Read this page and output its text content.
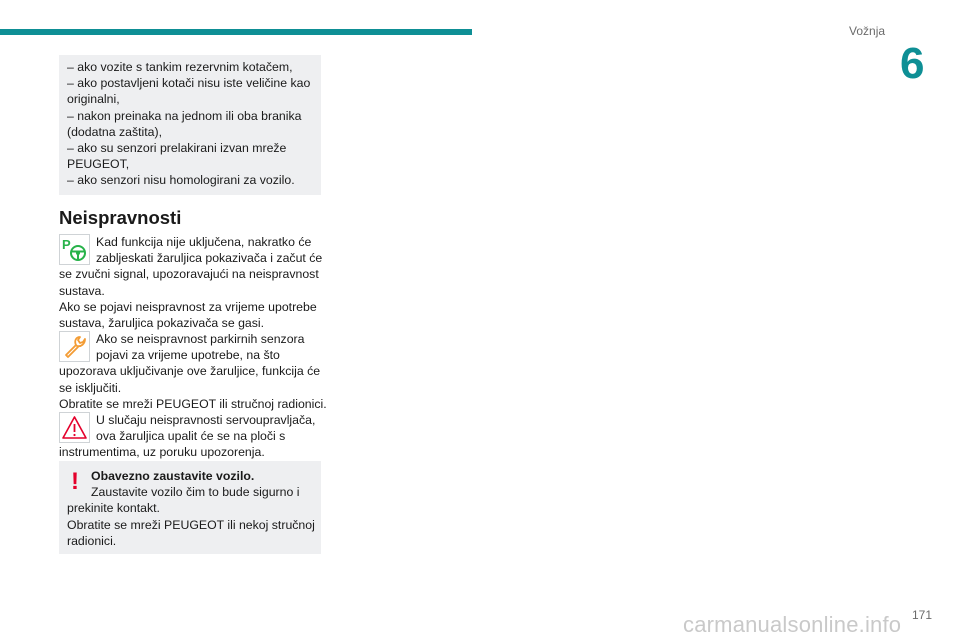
Vožnja
6
– ako vozite s tankim rezervnim kotačem,
– ako postavljeni kotači nisu iste veličine kao
originalni,
– nakon preinaka na jednom ili oba branika
(dodatna zaštita),
– ako su senzori prelakirani izvan mreže
PEUGEOT,
– ako senzori nisu homologirani za vozilo.
Neispravnosti
P	Kad funkcija nije uključena, nakratko će
zabljeskati žaruljica pokazivača i začut će
se zvučni signal, upozoravajući na neispravnost
sustava.
Ako se pojavi neispravnost za vrijeme upotrebe
sustava, žaruljica pokazivača se gasi.
Ako se neispravnost parkirnih senzora
pojavi za vrijeme upotrebe, na što
upozorava uključivanje ove žaruljice, funkcija će
se isključiti.
Obratite se mreži PEUGEOT ili stručnoj radionici.
U slučaju neispravnosti servoupravljača,
ova žaruljica upalit će se na ploči s
instrumentima, uz poruku upozorenja.
Obavezno zaustavite vozilo.
Zaustavite vozilo čim to bude sigurno i
prekinite kontakt.
Obratite se mreži PEUGEOT ili nekoj stručnoj
radionici.
!
171
carmanualsonline.info
